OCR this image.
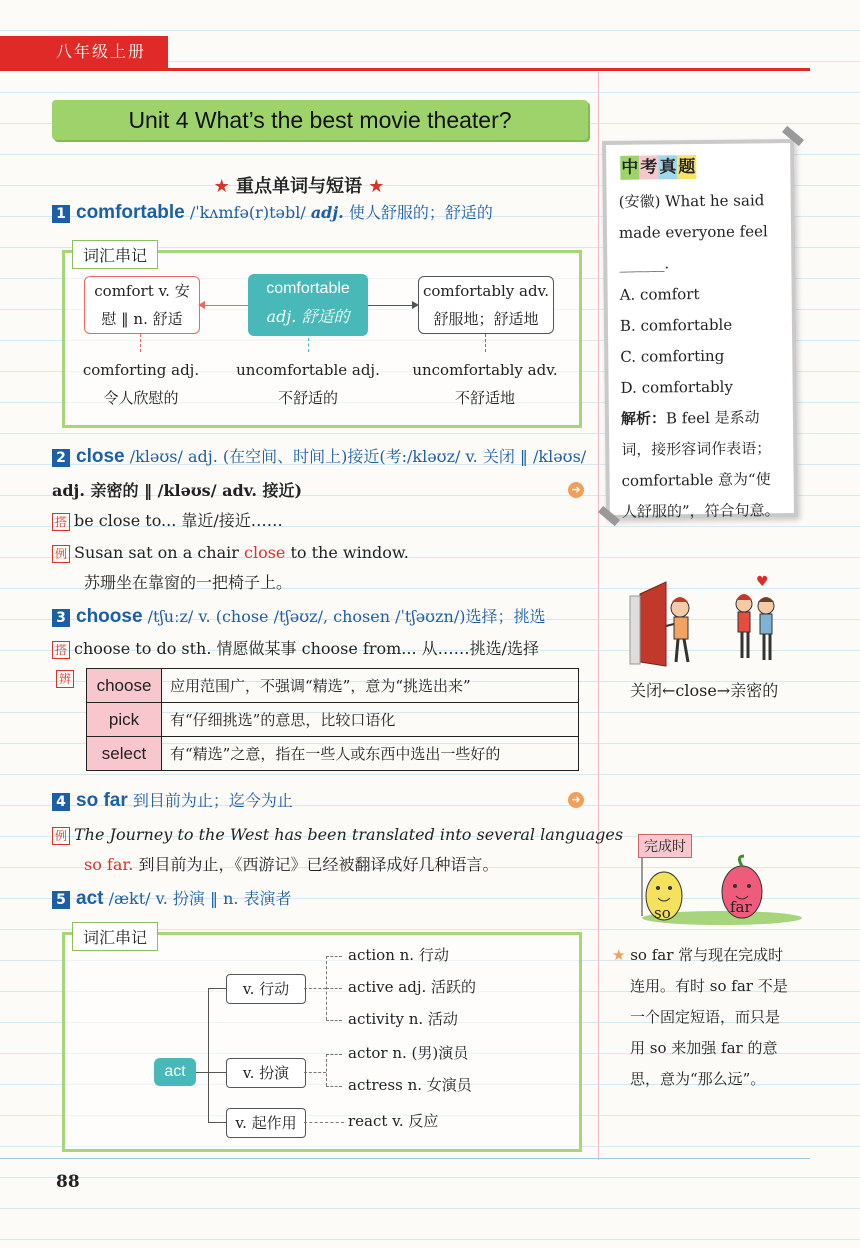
八年级上册
Unit 4 What’s the best movie theater?
★ 重点单词与短语 ★
1 comfortable /ˈkʌmfə(r)təbl/ adj. 使人舒服的；舒适的
词汇串记
comfort v. 安
慰 ‖ n. 舒适
comfortable
adj. 舒适的
comfortably adv.
舒服地；舒适地
comforting adj.
令人欣慰的
uncomfortable adj.
不舒适的
uncomfortably adv.
不舒适地
2 close /kləʊs/ adj. (在空间、时间上)接近(考:/kləʊz/ v. 关闭 ‖ /kləʊs/
adj. 亲密的 ‖ /kləʊs/ adv. 接近)	➜
搭 be close to... 靠近/接近……
例 Susan sat on a chair close to the window.
苏珊坐在靠窗的一把椅子上。
3 choose /tʃuːz/ v. (chose /tʃəʊz/, chosen /ˈtʃəʊzn/)选择；挑选
搭 choose to do sth. 情愿做某事 choose from... 从……挑选/选择
辨	choose	应用范围广，不强调“精选”，意为“挑选出来”
pick	有“仔细挑选”的意思，比较口语化
select	有“精选”之意，指在一些人或东西中选出一些好的
4 so far 到目前为止；迄今为止	➜
例 The Journey to the West has been translated into several languages
so far. 到目前为止，《西游记》已经被翻译成好几种语言。
5 act /ækt/ v. 扮演 ‖ n. 表演者
词汇串记
act
v. 行动
v. 扮演
v. 起作用
action n. 行动
active adj. 活跃的
activity n. 活动
actor n. (男)演员
actress n. 女演员
react v. 反应
中 考 真 题
(安徽) What he said
made everyone feel
______.
A. comfort
B. comfortable
C. comforting
D. comfortably
解析：B feel 是系动
词，接形容词作表语；
comfortable 意为“使
人舒服的”，符合句意。
♥
关闭←close→亲密的
完成时
so	far
★ so far 常与现在完成时
连用。有时 so far 不是
一个固定短语，而只是
用 so 来加强 far 的意
思，意为“那么远”。
88
